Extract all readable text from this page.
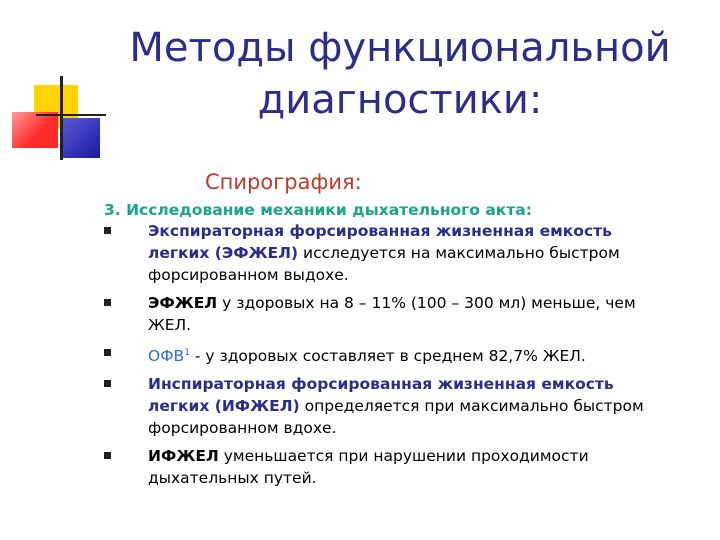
Методы функциональной
диагностики:
Спирография:
3. Исследование механики дыхательного акта:
Экспираторная форсированная жизненная емкость легких (ЭФЖЕЛ) исследуется на максимально быстром форсированном выдохе.
ЭФЖЕЛ у здоровых на 8 – 11% (100 – 300 мл) меньше, чем ЖЕЛ.
ОФВ$^1$ - у здоровых составляет в среднем 82,7% ЖЕЛ.
Инспираторная форсированная жизненная емкость легких (ИФЖЕЛ) определяется при максимально быстром форсированном вдохе.
ИФЖЕЛ уменьшается при нарушении проходимости дыхательных путей.
